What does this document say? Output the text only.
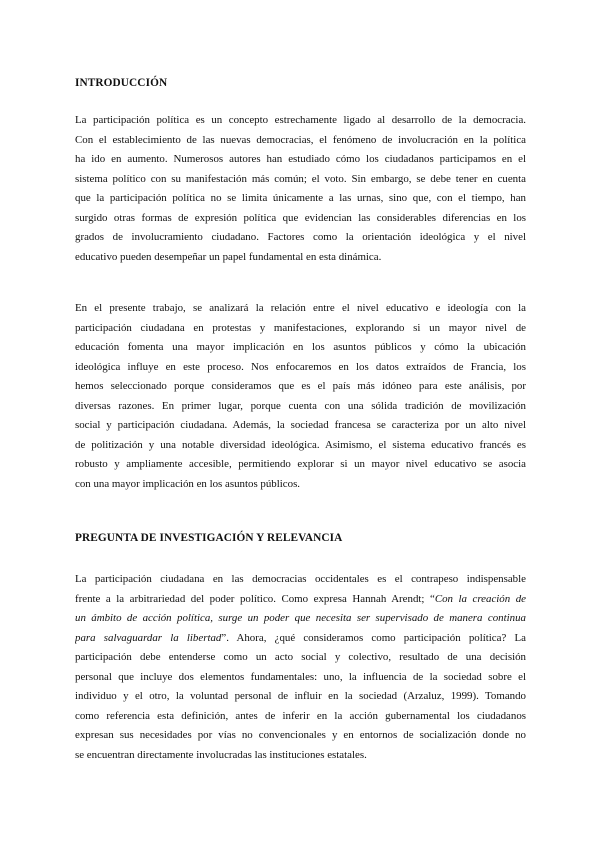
INTRODUCCIÓN
La participación política es un concepto estrechamente ligado al desarrollo de la democracia.
Con el establecimiento de las nuevas democracias, el fenómeno de involucración en la política
ha ido en aumento. Numerosos autores han estudiado cómo los ciudadanos participamos en el
sistema político con su manifestación más común; el voto. Sin embargo, se debe tener en cuenta
que la participación política no se limita únicamente a las urnas, sino que, con el tiempo, han
surgido otras formas de expresión política que evidencian las considerables diferencias en los
grados de involucramiento ciudadano. Factores como la orientación ideológica y el nivel
educativo pueden desempeñar un papel fundamental en esta dinámica.
En el presente trabajo, se analizará la relación entre el nivel educativo e ideología con la
participación ciudadana en protestas y manifestaciones, explorando si un mayor nivel de
educación fomenta una mayor implicación en los asuntos públicos y cómo la ubicación
ideológica influye en este proceso. Nos enfocaremos en los datos extraídos de Francia, los
hemos seleccionado porque consideramos que es el país más idóneo para este análisis, por
diversas razones. En primer lugar, porque cuenta con una sólida tradición de movilización
social y participación ciudadana. Además, la sociedad francesa se caracteriza por un alto nivel
de politización y una notable diversidad ideológica. Asimismo, el sistema educativo francés es
robusto y ampliamente accesible, permitiendo explorar si un mayor nivel educativo se asocia
con una mayor implicación en los asuntos públicos.
PREGUNTA DE INVESTIGACIÓN Y RELEVANCIA
La participación ciudadana en las democracias occidentales es el contrapeso indispensable
frente a la arbitrariedad del poder político. Como expresa Hannah Arendt; “Con la creación de
un ámbito de acción política, surge un poder que necesita ser supervisado de manera continua
para salvaguardar la libertad”. Ahora, ¿qué consideramos como participación política? La
participación debe entenderse como un acto social y colectivo, resultado de una decisión
personal que incluye dos elementos fundamentales: uno, la influencia de la sociedad sobre el
individuo y el otro, la voluntad personal de influir en la sociedad (Arzaluz, 1999). Tomando
como referencia esta definición, antes de inferir en la acción gubernamental los ciudadanos
expresan sus necesidades por vías no convencionales y en entornos de socialización donde no
se encuentran directamente involucradas las instituciones estatales.
